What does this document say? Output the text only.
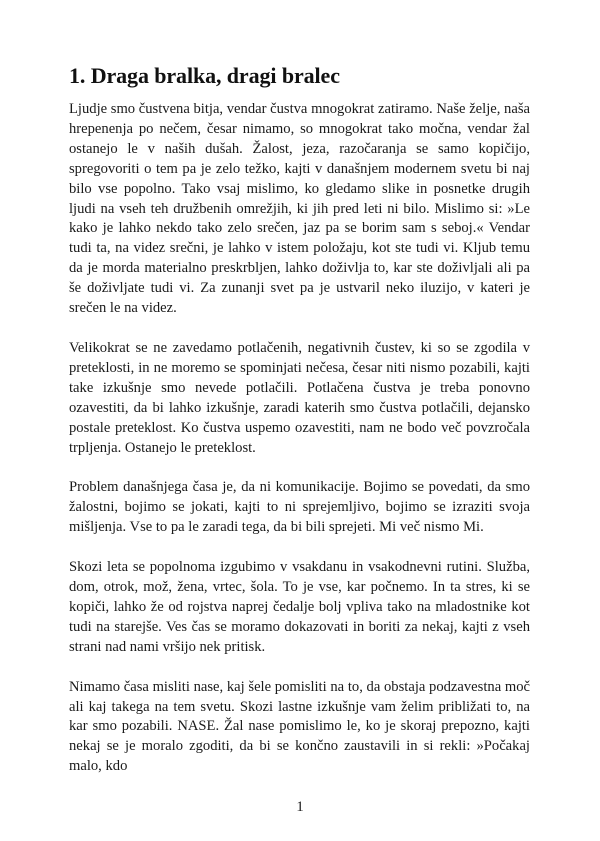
1. Draga bralka, dragi bralec

Ljudje smo čustvena bitja, vendar čustva mnogokrat zatiramo. Naše želje, naša hrepenenja po nečem, česar nimamo, so mnogokrat tako močna, vendar žal ostanejo le v naših dušah. Žalost, jeza, razočaranja se samo kopičijo, spregovoriti o tem pa je zelo težko, kajti v današnjem modernem svetu bi naj bilo vse popolno. Tako vsaj mislimo, ko gledamo slike in posnetke drugih ljudi na vseh teh družbenih omrežjih, ki jih pred leti ni bilo. Mislimo si: »Le kako je lahko nekdo tako zelo srečen, jaz pa se borim sam s seboj.« Vendar tudi ta, na videz srečni, je lahko v istem položaju, kot ste tudi vi. Kljub temu da je morda materialno preskrbljen, lahko doživlja to, kar ste doživljali ali pa še doživljate tudi vi. Za zunanji svet pa je ustvaril neko iluzijo, v kateri je srečen le na videz.

Velikokrat se ne zavedamo potlačenih, negativnih čustev, ki so se zgodila v preteklosti, in ne moremo se spominjati nečesa, česar niti nismo pozabili, kajti take izkušnje smo nevede potlačili. Potlačena čustva je treba ponovno ozavestiti, da bi lahko izkušnje, zaradi katerih smo čustva potlačili, dejansko postale preteklost. Ko čustva uspemo ozavestiti, nam ne bodo več povzročala trpljenja. Ostanejo le preteklost.

Problem današnjega časa je, da ni komunikacije. Bojimo se povedati, da smo žalostni, bojimo se jokati, kajti to ni sprejemljivo, bojimo se izraziti svoja mišljenja. Vse to pa le zaradi tega, da bi bili sprejeti. Mi več nismo Mi.

Skozi leta se popolnoma izgubimo v vsakdanu in vsakodnevni rutini. Služba, dom, otrok, mož, žena, vrtec, šola. To je vse, kar počnemo. In ta stres, ki se kopiči, lahko že od rojstva naprej čedalje bolj vpliva tako na mladostnike kot tudi na starejše. Ves čas se moramo dokazovati in boriti za nekaj, kajti z vseh strani nad nami vršijo nek pritisk.

Nimamo časa misliti nase, kaj šele pomisliti na to, da obstaja podzavestna moč ali kaj takega na tem svetu. Skozi lastne izkušnje vam želim približati to, na kar smo pozabili. NASE. Žal nase pomislimo le, ko je skoraj prepozno, kajti nekaj se je moralo zgoditi, da bi se končno zaustavili in si rekli: »Počakaj malo, kdo

1
